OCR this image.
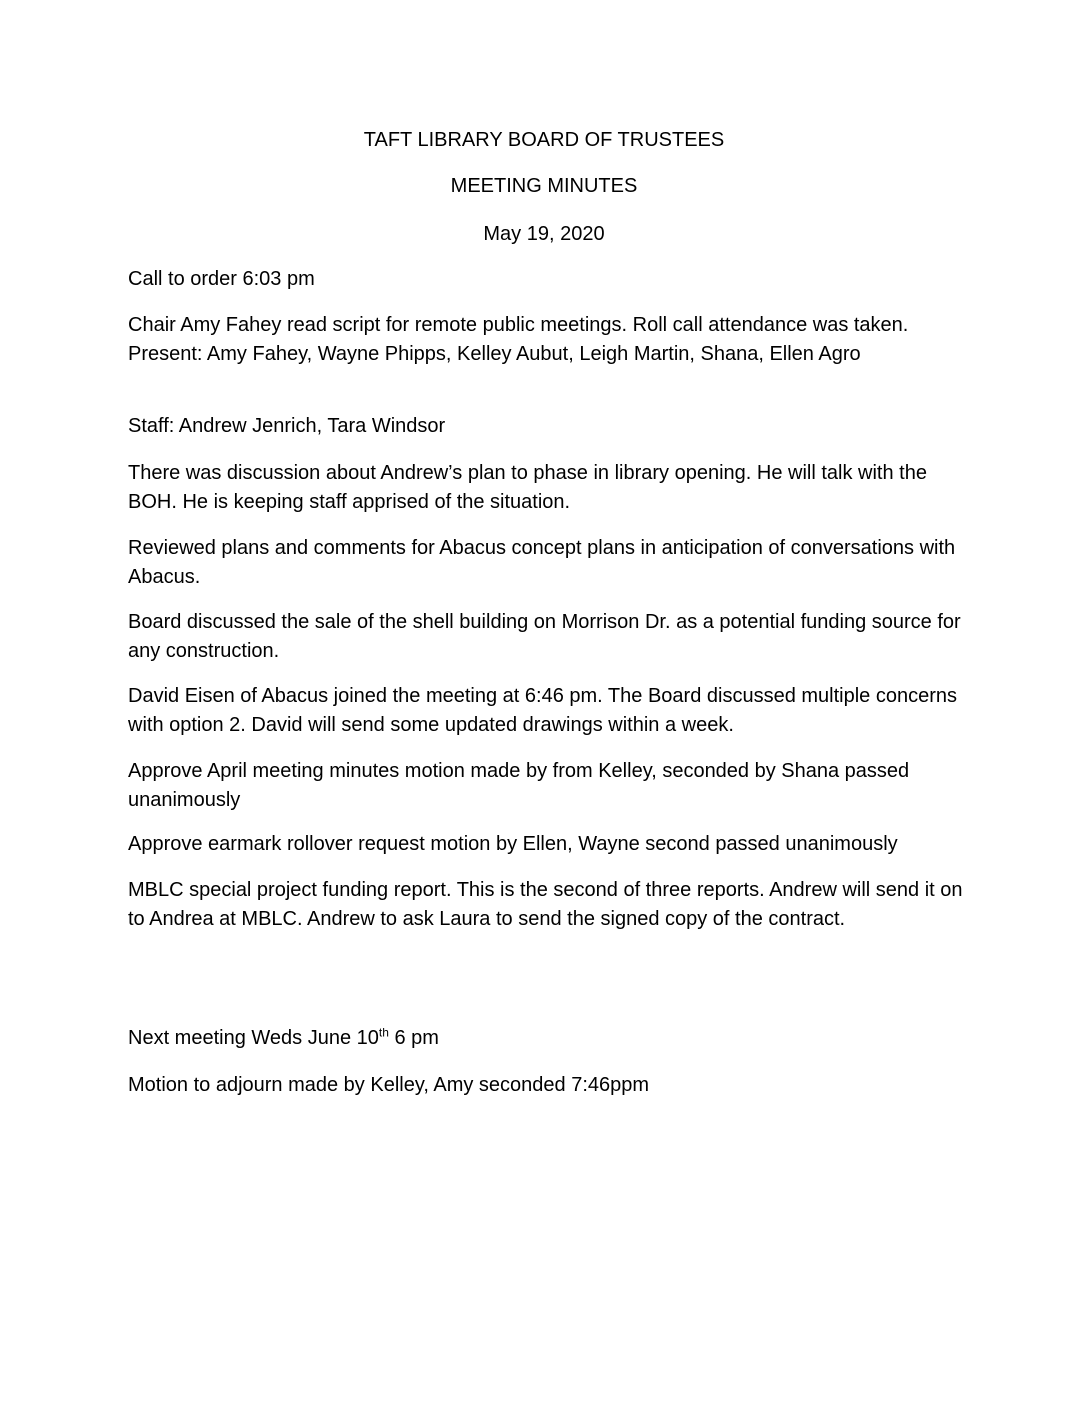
TAFT LIBRARY BOARD OF TRUSTEES
MEETING MINUTES

May 19, 2020

Call to order 6:03 pm

Chair Amy Fahey read script for remote public meetings. Roll call attendance was taken. Present: Amy Fahey, Wayne Phipps, Kelley Aubut, Leigh Martin, Shana, Ellen Agro

Staff: Andrew Jenrich, Tara Windsor

There was discussion about Andrew’s plan to phase in library opening. He will talk with the BOH. He is keeping staff apprised of the situation.

Reviewed plans and comments for Abacus concept plans in anticipation of conversations with Abacus.

Board discussed the sale of the shell building on Morrison Dr. as a potential funding source for any construction.

David Eisen of Abacus joined the meeting at 6:46 pm. The Board discussed multiple concerns with option 2. David will send some updated drawings within a week.

Approve April meeting minutes motion made by from Kelley, seconded by Shana passed unanimously

Approve earmark rollover request motion by Ellen, Wayne second passed unanimously

MBLC special project funding report. This is the second of three reports. Andrew will send it on to Andrea at MBLC. Andrew to ask Laura to send the signed copy of the contract.

Next meeting Weds June 10th 6 pm

Motion to adjourn made by Kelley, Amy seconded 7:46ppm
